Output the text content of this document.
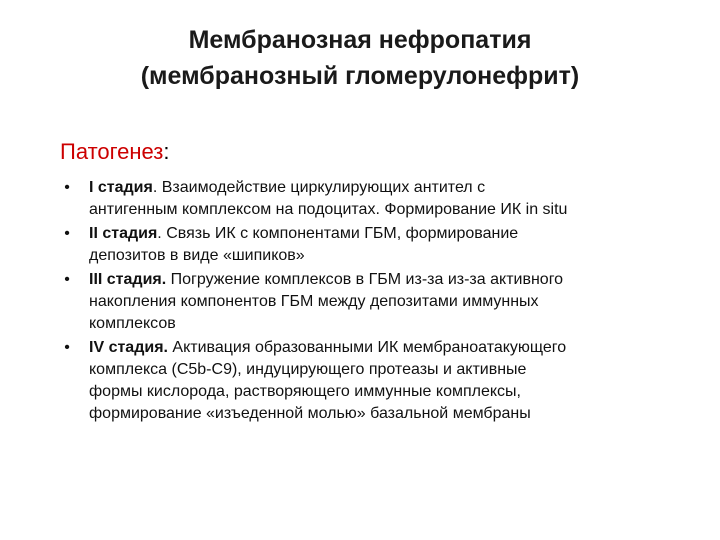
Мембранозная нефропатия
(мембранозный гломерулонефрит)
Патогенез:
• I стадия. Взаимодействие циркулирующих антител с
антигенным комплексом на подоцитах. Формирование ИК in situ
• II стадия. Связь ИК с компонентами ГБМ, формирование
депозитов в виде «шипиков»
• III стадия. Погружение комплексов в ГБМ из-за из-за активного
накопления компонентов ГБМ между депозитами иммунных
комплексов
• IV стадия. Активация образованными ИК мембраноатакующего
комплекса (С5b-С9), индуцирующего протеазы и активные
формы кислорода, растворяющего иммунные комплексы,
формирование «изъеденной молью» базальной мембраны
